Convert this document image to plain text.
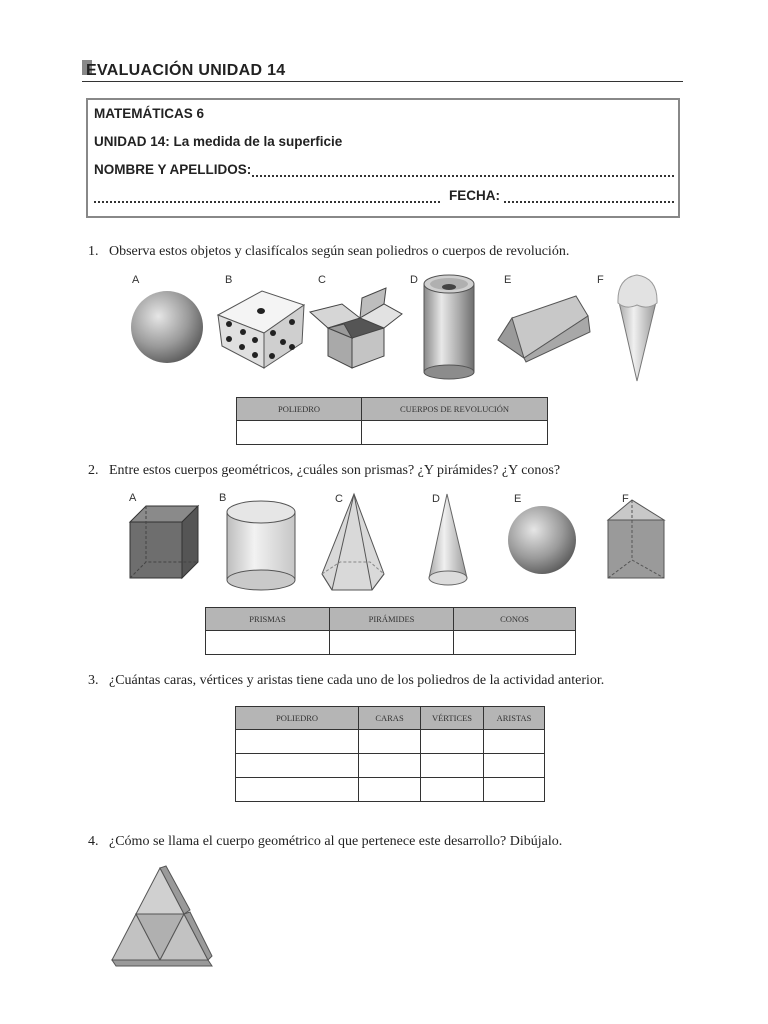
EVALUACIÓN UNIDAD 14
MATEMÁTICAS 6
UNIDAD 14: La medida de la superficie
NOMBRE Y APELLIDOS:
FECHA:
1. Observa estos objetos y clasifícalos según sean poliedros o cuerpos de revolución.
A	B	C	D	E	F
POLIEDRO	CUERPOS DE REVOLUCIÓN

2. Entre estos cuerpos geométricos, ¿cuáles son prismas? ¿Y pirámides? ¿Y conos?
A	B	C	D	E	F
PRISMAS	PIRÁMIDES	CONOS

3. ¿Cuántas caras, vértices y aristas tiene cada uno de los poliedros de la actividad anterior.
POLIEDRO	CARAS	VÉRTICES	ARISTAS

4. ¿Cómo se llama el cuerpo geométrico al que pertenece este desarrollo? Dibújalo.
